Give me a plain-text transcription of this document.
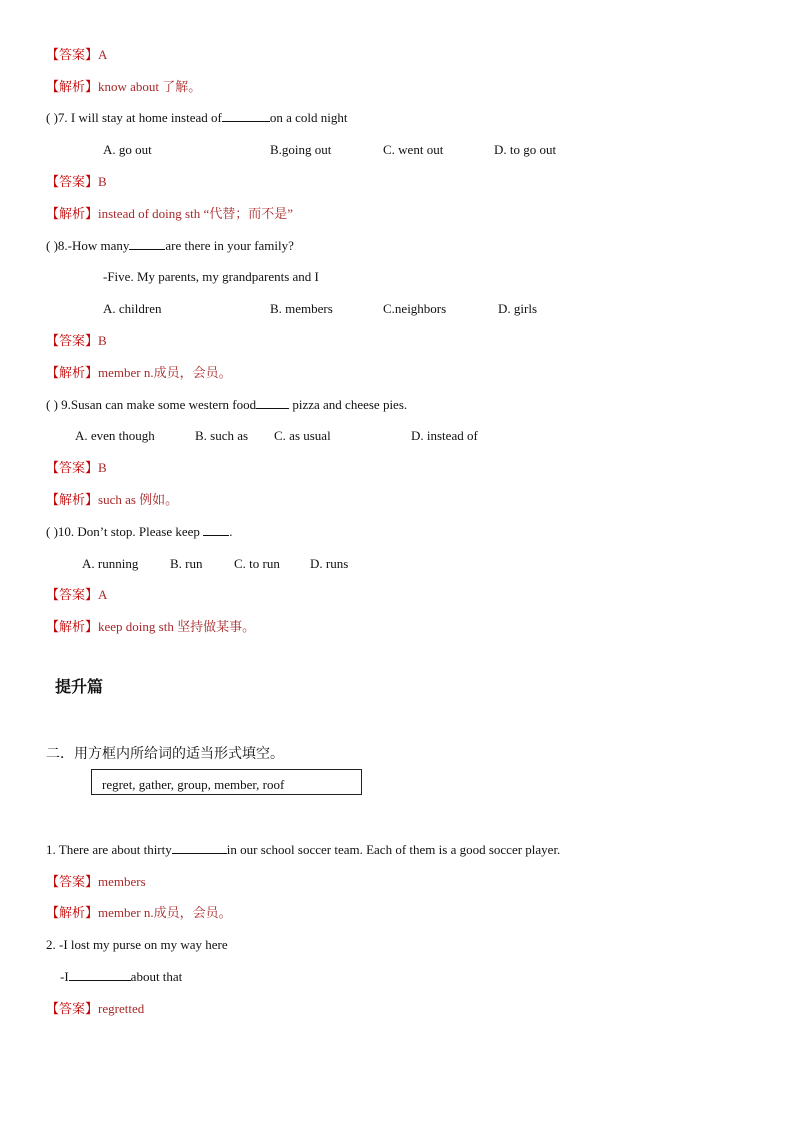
【答案】A
【解析】know about 了解。
( )7. I will stay at home instead of	on a cold night
A. go out	B.going out	C. went out	D. to go out
【答案】B
【解析】instead of doing sth “代替；而不是”
( )8.-How many	are there in your family?
-Five. My parents, my grandparents and I
A. children	B. members	C.neighbors	D. girls
【答案】B
【解析】member n.成员，会员。
( ) 9.Susan can make some western food	pizza and cheese pies.
A. even though	B. such as C. as usual	D. instead of
【答案】B
【解析】such as 例如。
( )10. Don’t stop. Please keep .
A. running B. run C. to run D. runs
【答案】A
【解析】keep doing sth 坚持做某事。
提升篇
二．用方框内所给词的适当形式填空。
regret, gather, group, member, roof
1. There are about thirty	in our school soccer team. Each of them is a good soccer player.
【答案】members
【解析】member n.成员，会员。
2. -I lost my purse on my way here
-I	about that
【答案】regretted
